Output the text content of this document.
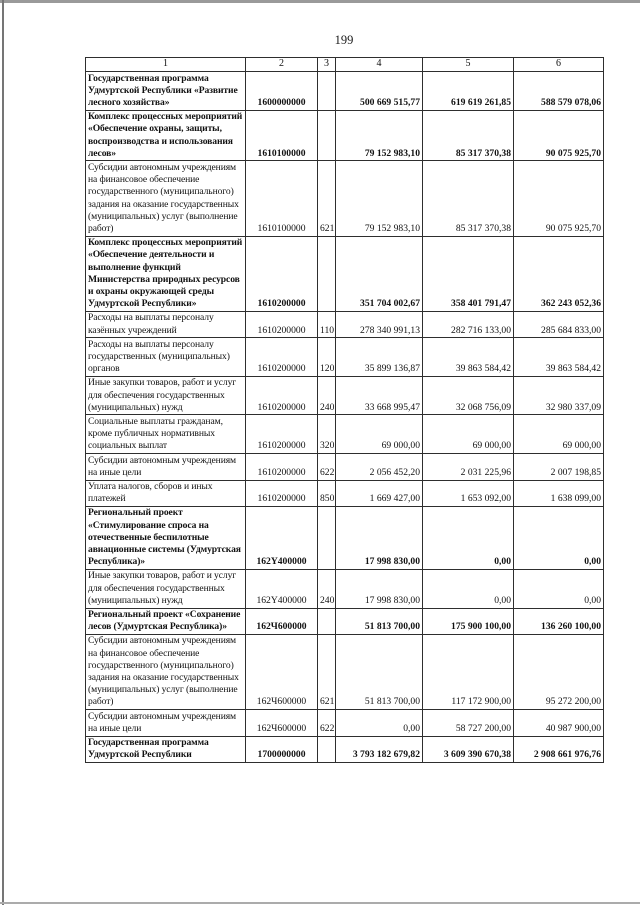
199
1	2	3	4	5	6
Государственная программа Удмуртской Республики «Развитие лесного хозяйства»	1600000000		500 669 515,77	619 619 261,85	588 579 078,06
Комплекс процессных мероприятий «Обеспечение охраны, защиты, воспроизводства и использования лесов»	1610100000		79 152 983,10	85 317 370,38	90 075 925,70
Субсидии автономным учреждениям на финансовое обеспечение государственного (муниципального) задания на оказание государственных (муниципальных) услуг (выполнение работ)	1610100000	621	79 152 983,10	85 317 370,38	90 075 925,70
Комплекс процессных мероприятий «Обеспечение деятельности и выполнение функций Министерства природных ресурсов и охраны окружающей среды Удмуртской Республики»	1610200000		351 704 002,67	358 401 791,47	362 243 052,36
Расходы на выплаты персоналу казённых учреждений	1610200000	110	278 340 991,13	282 716 133,00	285 684 833,00
Расходы на выплаты персоналу государственных (муниципальных) органов	1610200000	120	35 899 136,87	39 863 584,42	39 863 584,42
Иные закупки товаров, работ и услуг для обеспечения государственных (муниципальных) нужд	1610200000	240	33 668 995,47	32 068 756,09	32 980 337,09
Социальные выплаты гражданам, кроме публичных нормативных социальных выплат	1610200000	320	69 000,00	69 000,00	69 000,00
Субсидии автономным учреждениям на иные цели	1610200000	622	2 056 452,20	2 031 225,96	2 007 198,85
Уплата налогов, сборов и иных платежей	1610200000	850	1 669 427,00	1 653 092,00	1 638 099,00
Региональный проект «Стимулирование спроса на отечественные беспилотные авиационные системы (Удмуртская Республика)»	162Y400000		17 998 830,00	0,00	0,00
Иные закупки товаров, работ и услуг для обеспечения государственных (муниципальных) нужд	162Y400000	240	17 998 830,00	0,00	0,00
Региональный проект «Сохранение лесов (Удмуртская Республика)»	162Ч600000		51 813 700,00	175 900 100,00	136 260 100,00
Субсидии автономным учреждениям на финансовое обеспечение государственного (муниципального) задания на оказание государственных (муниципальных) услуг (выполнение работ)	162Ч600000	621	51 813 700,00	117 172 900,00	95 272 200,00
Субсидии автономным учреждениям на иные цели	162Ч600000	622	0,00	58 727 200,00	40 987 900,00
Государственная программа Удмуртской Республики	1700000000		3 793 182 679,82	3 609 390 670,38	2 908 661 976,76
